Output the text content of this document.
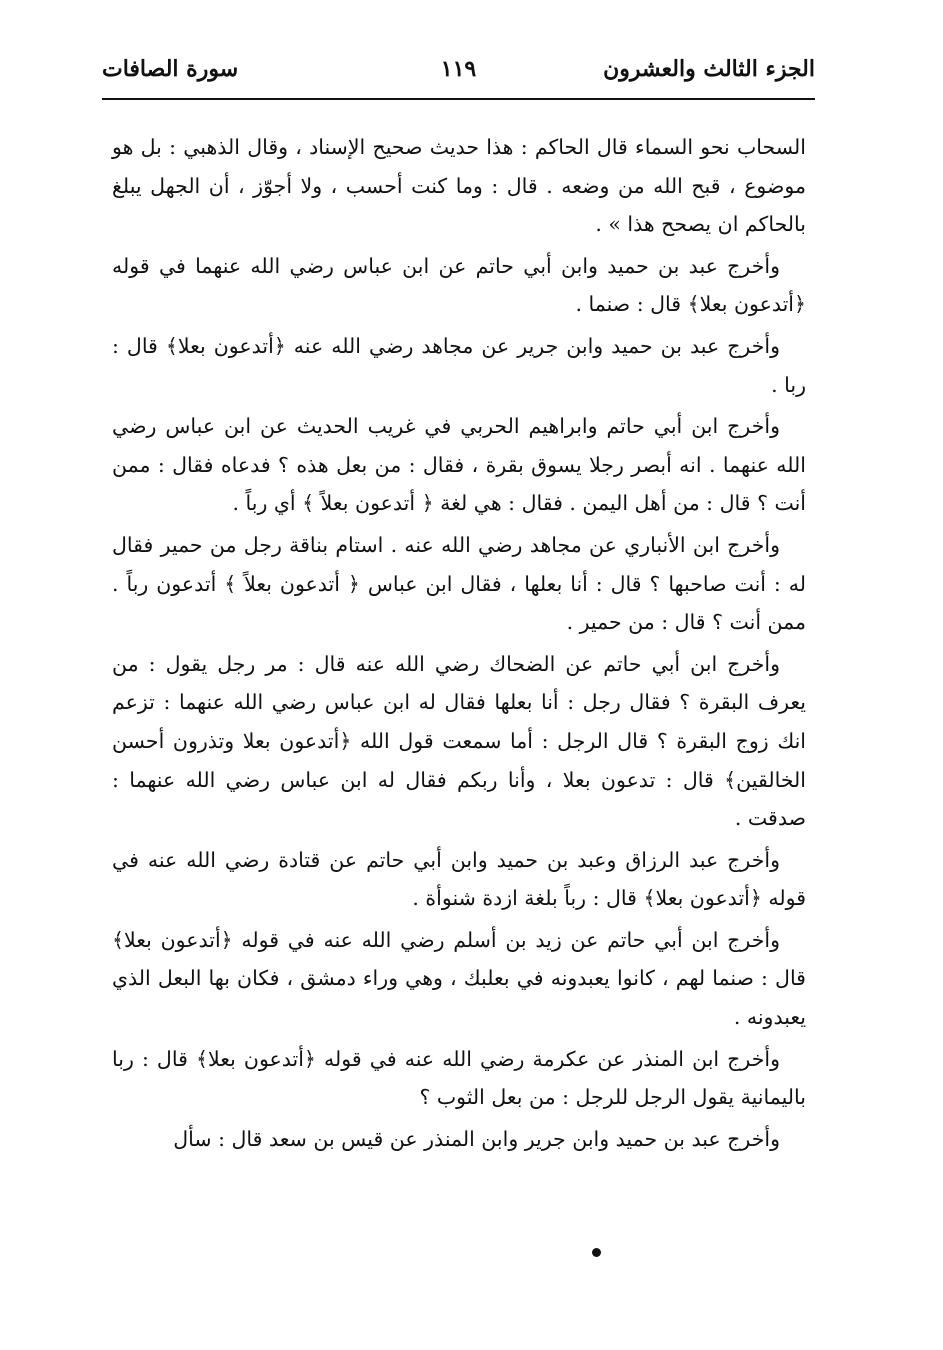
الجزء الثالث والعشرون
١١٩
سورة الصافات

السحاب نحو السماء قال الحاكم : هذا حديث صحيح الإسناد ، وقال الذهبي : بل هو موضوع ، قبح الله من وضعه . قال : وما كنت أحسب ، ولا أجوّز ، أن الجهل يبلغ بالحاكم ان يصحح هذا » .

وأخرج عبد بن حميد وابن أبي حاتم عن ابن عباس رضي الله عنهما في قوله ﴿أتدعون بعلا﴾ قال : صنما .

وأخرج عبد بن حميد وابن جرير عن مجاهد رضي الله عنه ﴿أتدعون بعلا﴾ قال : ربا .

وأخرج ابن أبي حاتم وابراهيم الحربي في غريب الحديث عن ابن عباس رضي الله عنهما . انه أبصر رجلا يسوق بقرة ، فقال : من بعل هذه ؟ فدعاه فقال : ممن أنت ؟ قال : من أهل اليمن . فقال : هي لغة ﴿ أتدعون بعلاً ﴾ أي رباً .

وأخرج ابن الأنباري عن مجاهد رضي الله عنه . استام بناقة رجل من حمير فقال له : أنت صاحبها ؟ قال : أنا بعلها ، فقال ابن عباس ﴿ أتدعون بعلاً ﴾ أتدعون رباً . ممن أنت ؟ قال : من حمير .

وأخرج ابن أبي حاتم عن الضحاك رضي الله عنه قال : مر رجل يقول : من يعرف البقرة ؟ فقال رجل : أنا بعلها فقال له ابن عباس رضي الله عنهما : تزعم انك زوج البقرة ؟ قال الرجل : أما سمعت قول الله ﴿أتدعون بعلا وتذرون أحسن الخالقين﴾ قال : تدعون بعلا ، وأنا ربكم فقال له ابن عباس رضي الله عنهما : صدقت .

وأخرج عبد الرزاق وعبد بن حميد وابن أبي حاتم عن قتادة رضي الله عنه في قوله ﴿أتدعون بعلا﴾ قال : رباً بلغة ازدة شنوأة .

وأخرج ابن أبي حاتم عن زيد بن أسلم رضي الله عنه في قوله ﴿أتدعون بعلا﴾ قال : صنما لهم ، كانوا يعبدونه في بعلبك ، وهي وراء دمشق ، فكان بها البعل الذي يعبدونه .

وأخرج ابن المنذر عن عكرمة رضي الله عنه في قوله ﴿أتدعون بعلا﴾ قال : ربا باليمانية يقول الرجل للرجل : من بعل الثوب ؟

وأخرج عبد بن حميد وابن جرير وابن المنذر عن قيس بن سعد قال : سأل
